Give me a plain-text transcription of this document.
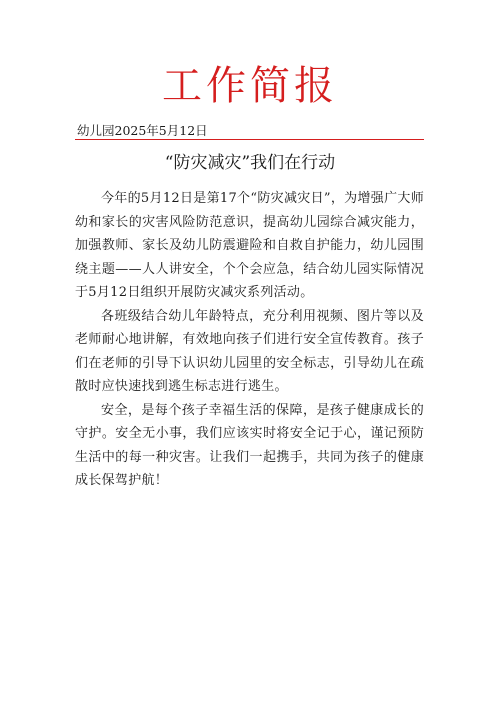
工作简报
幼儿园2025年5月12日
“防灾减灾”我们在行动

今年的5月12日是第17个“防灾减灾日”，为增强广大师幼和家长的灾害风险防范意识，提高幼儿园综合减灾能力，加强教师、家长及幼儿防震避险和自救自护能力，幼儿园围绕主题——人人讲安全，个个会应急，结合幼儿园实际情况于5月12日组织开展防灾减灾系列活动。

各班级结合幼儿年龄特点，充分利用视频、图片等以及老师耐心地讲解，有效地向孩子们进行安全宣传教育。孩子们在老师的引导下认识幼儿园里的安全标志，引导幼儿在疏散时应快速找到逃生标志进行逃生。

安全，是每个孩子幸福生活的保障，是孩子健康成长的守护。安全无小事，我们应该实时将安全记于心，谨记预防生活中的每一种灾害。让我们一起携手，共同为孩子的健康成长保驾护航！
